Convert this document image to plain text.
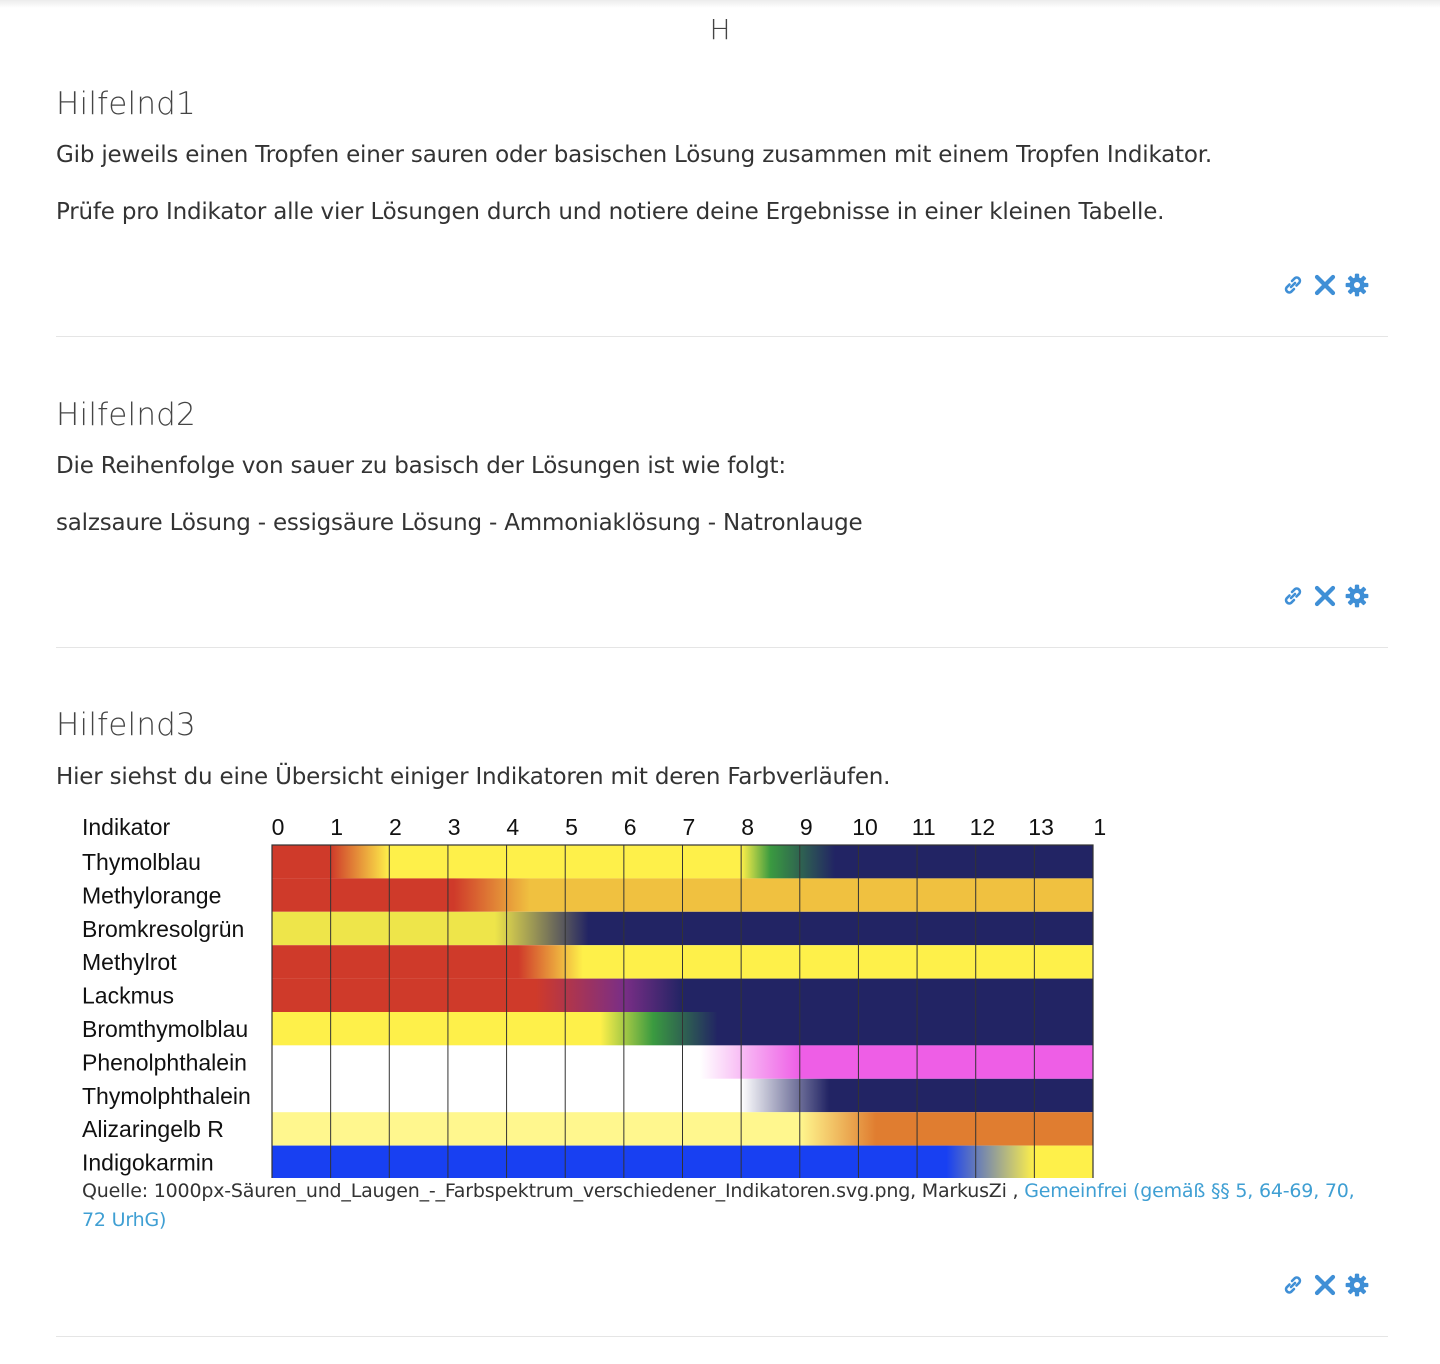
H
Hilfelnd1

Gib jeweils einen Tropfen einer sauren oder basischen Lösung zusammen mit einem Tropfen Indikator.

Prüfe pro Indikator alle vier Lösungen durch und notiere deine Ergebnisse in einer kleinen Tabelle.

Hilfelnd2

Die Reihenfolge von sauer zu basisch der Lösungen ist wie folgt:

salzsaure Lösung - essigsäure Lösung - Ammoniaklösung - Natronlauge

Hilfelnd3

Hier siehst du eine Übersicht einiger Indikatoren mit deren Farbverläufen.

Indikator	0 1 2 3 4 5 6 7 8 9 10 11 12 13 1
Thymolblau
Methylorange
Bromkresolgrün
Methylrot
Lackmus
Bromthymolblau
Phenolphthalein
Thymolphthalein
Alizaringelb R
Indigokarmin
Quelle: 1000px-Säuren_und_Laugen_-_Farbspektrum_verschiedener_Indikatoren.svg.png, MarkusZi , Gemeinfrei (gemäß §§ 5, 64-69, 70, 72 UrhG)
